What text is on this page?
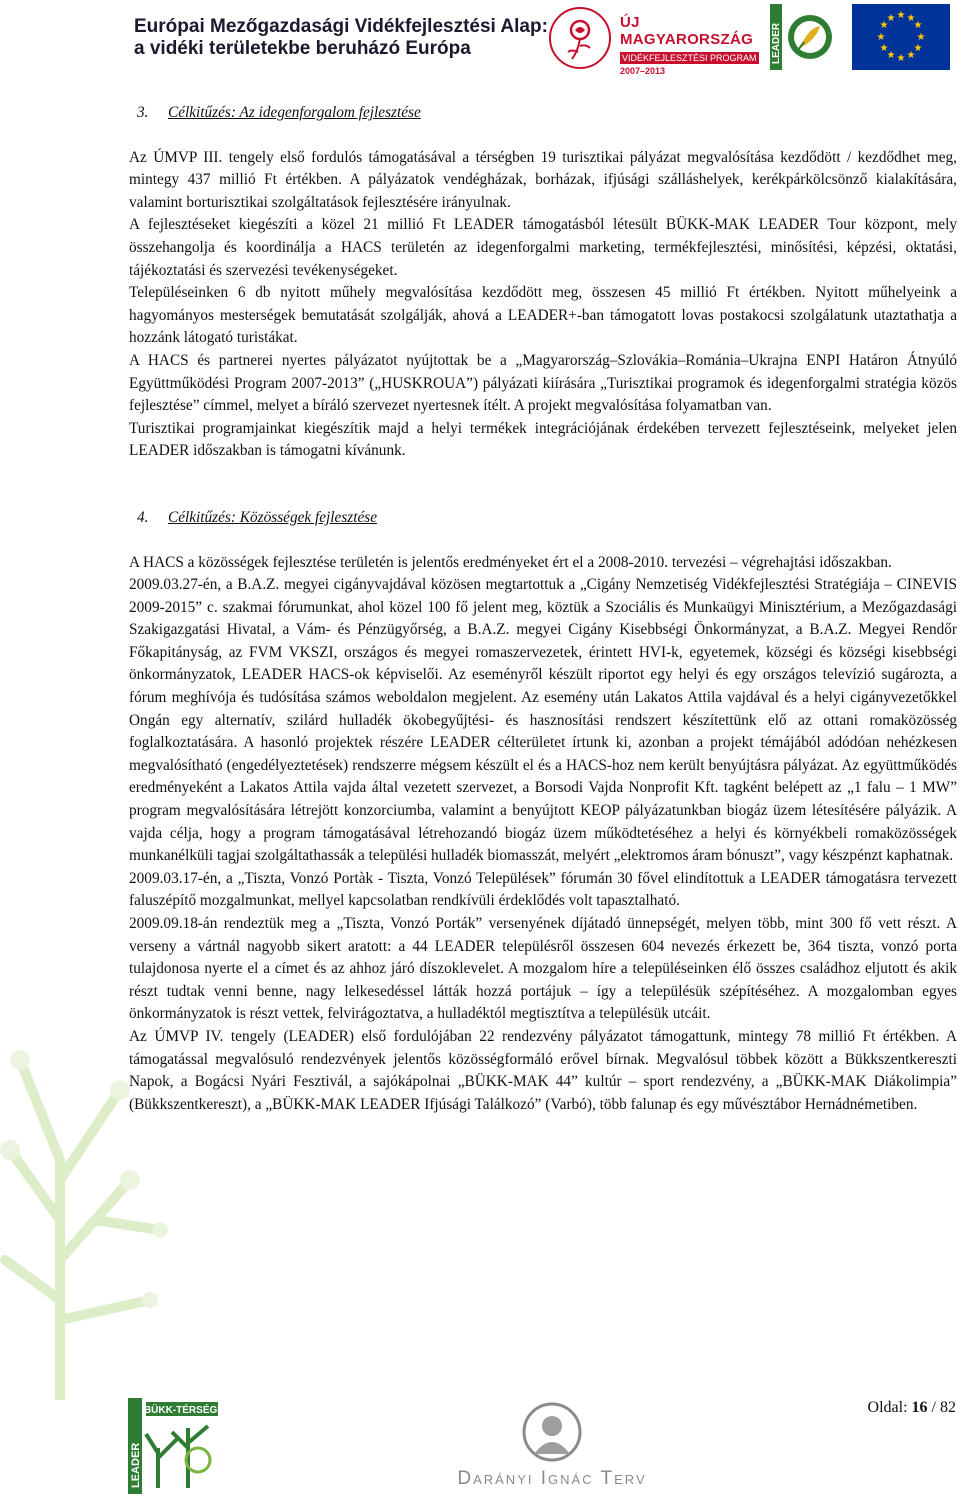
Európai Mezőgazdasági Vidékfejlesztési Alap:
a vidéki területekbe beruházó Európa
ÚJ MAGYARORSZÁG
VIDÉKFEJLESZTÉSI PROGRAM
2007–2013
LEADER
★ ★
★
★
★
★
★
★
★
★
★
★
3. Célkitűzés: Az idegenforgalom fejlesztése

Az ÚMVP III. tengely első fordulós támogatásával a térségben 19 turisztikai pályázat megvalósítása kezdődött / kezdődhet meg, mintegy 437 millió Ft értékben. A pályázatok vendégházak, borházak, ifjúsági szálláshelyek, kerékpárkölcsönző kialakítására, valamint borturisztikai szolgáltatások fejlesztésére irányulnak.

A fejlesztéseket kiegészíti a közel 21 millió Ft LEADER támogatásból létesült BÜKK-MAK LEADER Tour központ, mely összehangolja és koordinálja a HACS területén az idegenforgalmi marketing, termékfejlesztési, minősítési, képzési, oktatási, tájékoztatási és szervezési tevékenységeket.

Településeinken 6 db nyitott műhely megvalósítása kezdődött meg, összesen 45 millió Ft értékben. Nyitott műhelyeink a hagyományos mesterségek bemutatását szolgálják, ahová a LEADER+-ban támogatott lovas postakocsi szolgálatunk utaztathatja a hozzánk látogató turistákat.

A HACS és partnerei nyertes pályázatot nyújtottak be a „Magyarország–Szlovákia–Románia–Ukrajna ENPI Határon Átnyúló Együttműködési Program 2007-2013” („HUSKROUA”) pályázati kiírására „Turisztikai programok és idegenforgalmi stratégia közös fejlesztése” címmel, melyet a bíráló szervezet nyertesnek ítélt. A projekt megvalósítása folyamatban van.

Turisztikai programjainkat kiegészítik majd a helyi termékek integrációjának érdekében tervezett fejlesztéseink, melyeket jelen LEADER időszakban is támogatni kívánunk.

4. Célkitűzés: Közösségek fejlesztése

A HACS a közösségek fejlesztése területén is jelentős eredményeket ért el a 2008-2010. tervezési – végrehajtási időszakban.

2009.03.27-én, a B.A.Z. megyei cigányvajdával közösen megtartottuk a „Cigány Nemzetiség Vidékfejlesztési Stratégiája – CINEVIS 2009-2015” c. szakmai fórumunkat, ahol közel 100 fő jelent meg, köztük a Szociális és Munkaügyi Minisztérium, a Mezőgazdasági Szakigazgatási Hivatal, a Vám- és Pénzügyőrség, a B.A.Z. megyei Cigány Kisebbségi Önkormányzat, a B.A.Z. Megyei Rendőr Főkapitányság, az FVM VKSZI, országos és megyei romaszervezetek, érintett HVI-k, egyetemek, községi és községi kisebbségi önkormányzatok, LEADER HACS-ok képviselői. Az eseményről készült riportot egy helyi és egy országos televízió sugározta, a fórum meghívója és tudósítása számos weboldalon megjelent. Az esemény után Lakatos Attila vajdával és a helyi cigányvezetőkkel Ongán egy alternatív, szilárd hulladék ökobegyűjtési- és hasznosítási rendszert készítettünk elő az ottani romaközösség foglalkoztatására. A hasonló projektek részére LEADER célterületet írtunk ki, azonban a projekt témájából adódóan nehézkesen megvalósítható (engedélyeztetések) rendszerre mégsem készült el és a HACS-hoz nem került benyújtásra pályázat. Az együttműködés eredményeként a Lakatos Attila vajda által vezetett szervezet, a Borsodi Vajda Nonprofit Kft. tagként belépett az „1 falu – 1 MW” program megvalósítására létrejött konzorciumba, valamint a benyújtott KEOP pályázatunkban biogáz üzem létesítésére pályázik. A vajda célja, hogy a program támogatásával létrehozandó biogáz üzem működtetéséhez a helyi és környékbeli romaközösségek munkanélküli tagjai szolgáltathassák a települési hulladék biomasszát, melyért „elektromos áram bónuszt”, vagy készpénzt kaphatnak.

2009.03.17-én, a „Tiszta, Vonzó Portàk - Tiszta, Vonzó Települések” fórumán 30 fővel elindítottuk a LEADER támogatásra tervezett faluszépítő mozgalmunkat, mellyel kapcsolatban rendkívüli érdeklődés volt tapasztalható.

2009.09.18-án rendeztük meg a „Tiszta, Vonzó Porták” versenyének díjátadó ünnepségét, melyen több, mint 300 fő vett részt. A verseny a vártnál nagyobb sikert aratott: a 44 LEADER településről összesen 604 nevezés érkezett be, 364 tiszta, vonzó porta tulajdonosa nyerte el a címet és az ahhoz járó díszoklevelet. A mozgalom híre a településeinken élő összes családhoz eljutott és akik részt tudtak venni benne, nagy lelkesedéssel látták hozzá portájuk – így a településük szépítéséhez. A mozgalomban egyes önkormányzatok is részt vettek, felvirágoztatva, a hulladéktól megtisztítva a településük utcáit.

Az ÚMVP IV. tengely (LEADER) első fordulójában 22 rendezvény pályázatot támogattunk, mintegy 78 millió Ft értékben. A támogatással megvalósuló rendezvények jelentős közösségformáló erővel bírnak. Megvalósul többek között a Bükkszentkereszti Napok, a Bogácsi Nyári Fesztivál, a sajókápolnai „BÜKK-MAK 44” kultúr – sport rendezvény, a „BÜKK-MAK Diákolimpia” (Bükkszentkereszt), a „BÜKK-MAK LEADER Ifjúsági Találkozó” (Varbó), több falunap és egy művésztábor Hernádnémetiben.

LEADER
BÜKK-TÉRSÉGI
Darányi Ignác Terv
Oldal: 16 / 82
